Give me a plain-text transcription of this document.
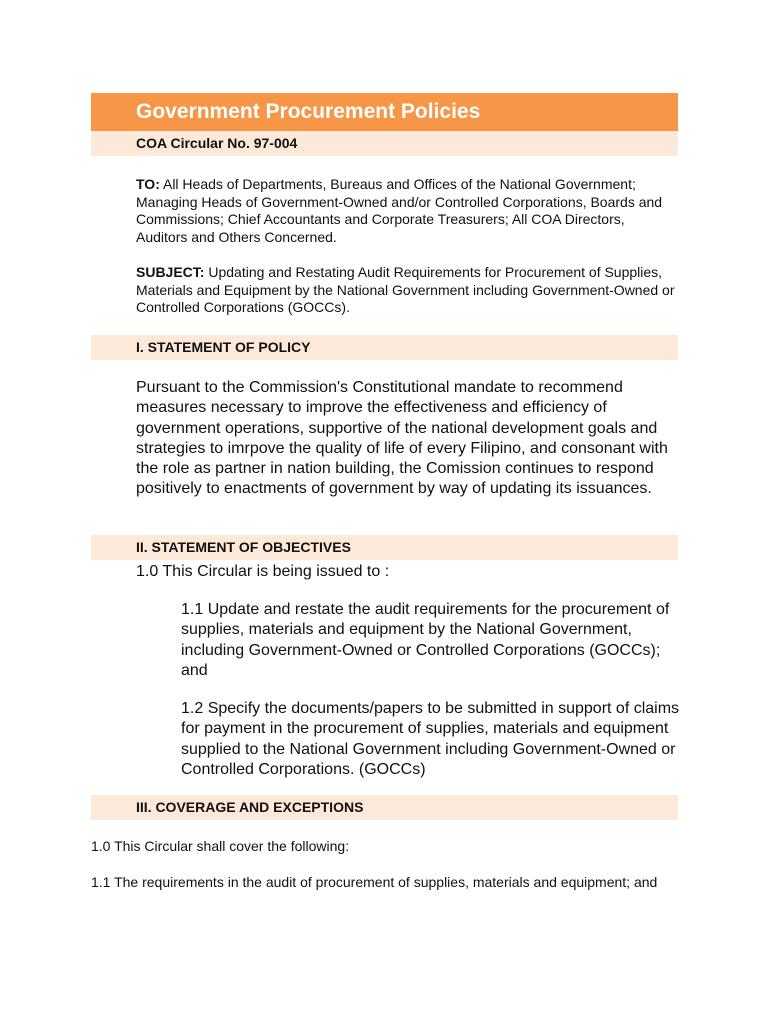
Government Procurement Policies
COA Circular No. 97-004

TO: All Heads of Departments, Bureaus and Offices of the National Government; Managing Heads of Government-Owned and/or Controlled Corporations, Boards and Commissions; Chief Accountants and Corporate Treasurers; All COA Directors, Auditors and Others Concerned.

SUBJECT: Updating and Restating Audit Requirements for Procurement of Supplies, Materials and Equipment by the National Government including Government-Owned or Controlled Corporations (GOCCs).

I. STATEMENT OF POLICY

Pursuant to the Commission's Constitutional mandate to recommend measures necessary to improve the effectiveness and efficiency of government operations, supportive of the national development goals and strategies to imrpove the quality of life of every Filipino, and consonant with the role as partner in nation building, the Comission continues to respond positively to enactments of government by way of updating its issuances.

II. STATEMENT OF OBJECTIVES

1.0 This Circular is being issued to :

1.1 Update and restate the audit requirements for the procurement of supplies, materials and equipment by the National Government, including Government-Owned or Controlled Corporations (GOCCs); and

1.2 Specify the documents/papers to be submitted in support of claims for payment in the procurement of supplies, materials and equipment supplied to the National Government including Government-Owned or Controlled Corporations. (GOCCs)

III. COVERAGE AND EXCEPTIONS

1.0 This Circular shall cover the following:

1.1 The requirements in the audit of procurement of supplies, materials and equipment; and
